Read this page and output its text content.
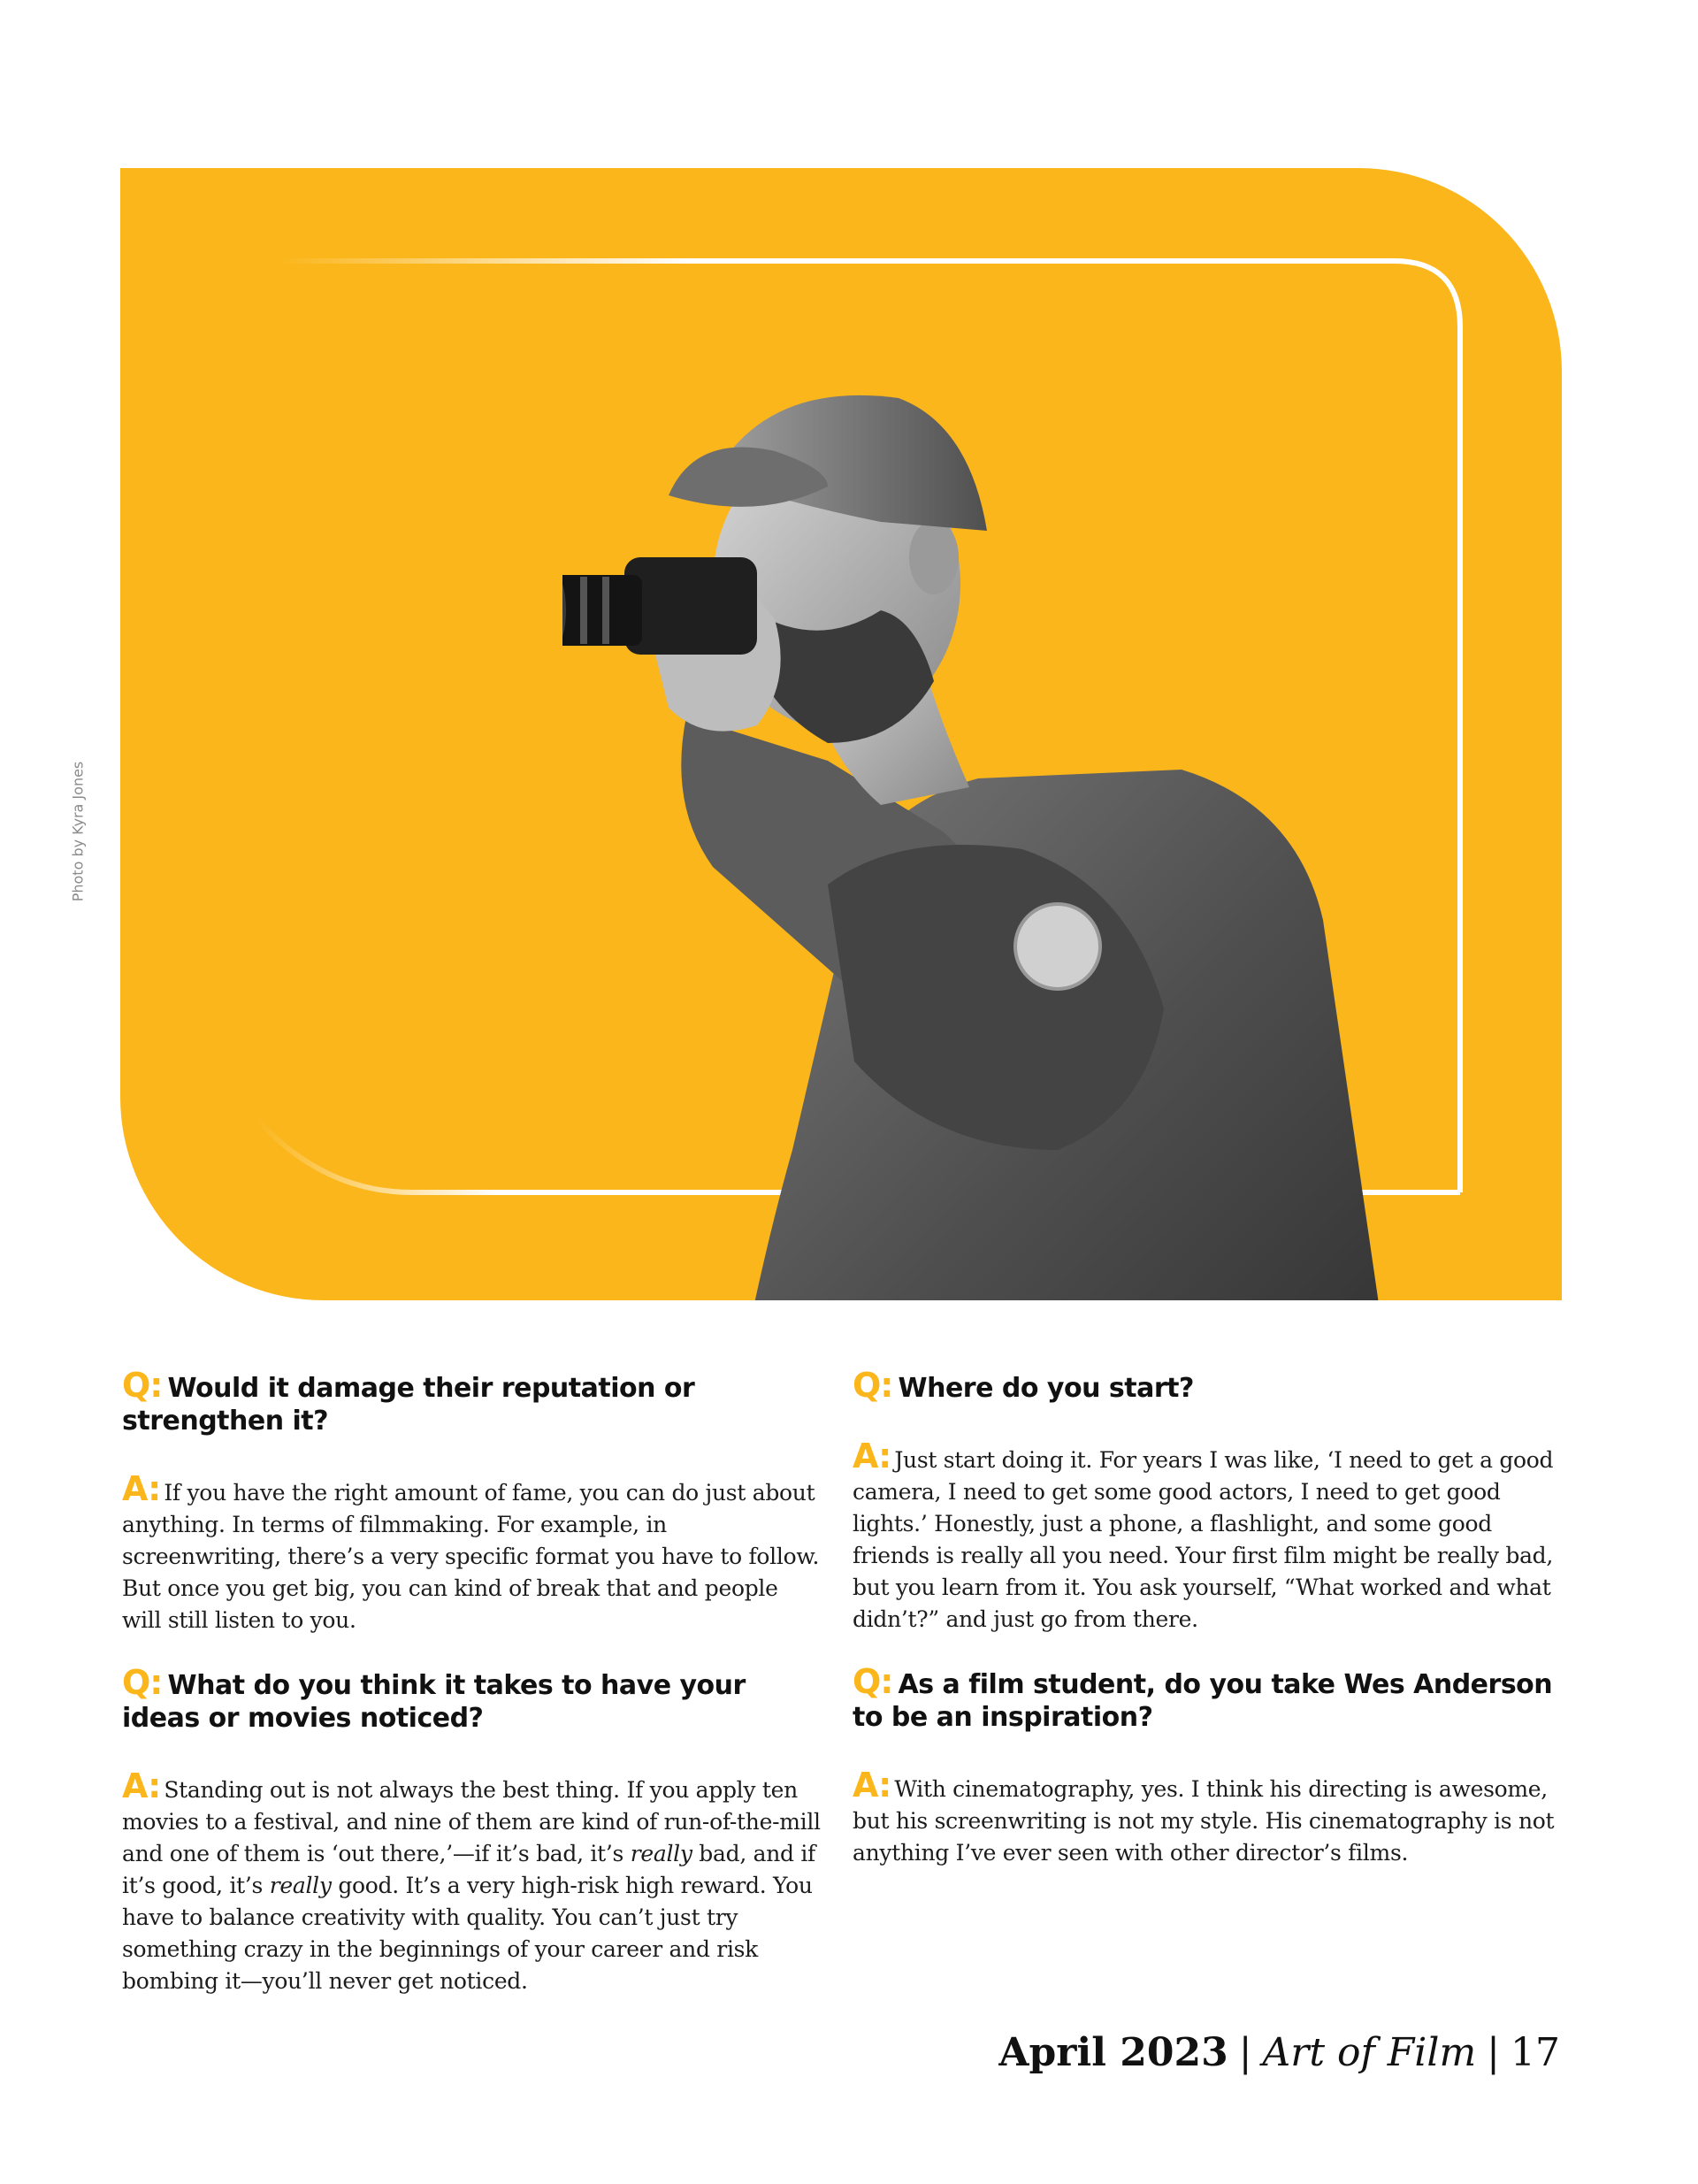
Photo by Kyra Jones

Q: Would it damage their reputation or strengthen it?

A: If you have the right amount of fame, you can do just about anything. In terms of filmmaking. For example, in screenwriting, there’s a very specific format you have to follow. But once you get big, you can kind of break that and people will still listen to you.

Q: What do you think it takes to have your ideas or movies noticed?

A: Standing out is not always the best thing. If you apply ten movies to a festival, and nine of them are kind of run-of-the-mill and one of them is ‘out there,’—if it’s bad, it’s really bad, and if it’s good, it’s really good. It’s a very high-risk high reward. You have to balance creativity with quality. You can’t just try something crazy in the beginnings of your career and risk bombing it—you’ll never get noticed.

Q: Where do you start?

A: Just start doing it. For years I was like, ‘I need to get a good camera, I need to get some good actors, I need to get good lights.’ Honestly, just a phone, a flashlight, and some good friends is really all you need. Your first film might be really bad, but you learn from it. You ask yourself, “What worked and what didn’t?” and just go from there.

Q: As a film student, do you take Wes Anderson to be an inspiration?

A: With cinematography, yes. I think his directing is awesome, but his screenwriting is not my style. His cinematography is not anything I’ve ever seen with other director’s films.

April 2023 | Art of Film | 17
